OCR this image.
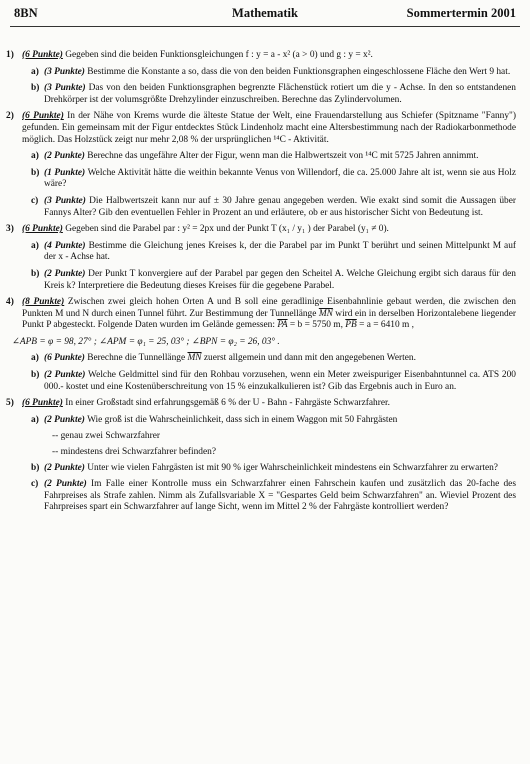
Mathematik
8BN	Sommertermin 2001
1) (6 Punkte) Gegeben sind die beiden Funktionsgleichungen f : y = a - x² (a > 0) und g : y = x².
a) (3 Punkte) Bestimme die Konstante a so, dass die von den beiden Funktionsgraphen eingeschlossene Fläche den Wert 9 hat.
b) (3 Punkte) Das von den beiden Funktionsgraphen begrenzte Flächenstück rotiert um die y - Achse. In den so entstandenen Drehkörper ist der volumsgrößte Drehzylinder einzuschreiben. Berechne das Zylindervolumen.
2) (6 Punkte) In der Nähe von Krems wurde die älteste Statue der Welt, eine Frauendarstellung aus Schiefer (Spitzname "Fanny") gefunden. Ein gemeinsam mit der Figur entdecktes Stück Lindenholz macht eine Altersbestimmung nach der Radiokarbonmethode möglich. Das Holzstück zeigt nur mehr 2,08 % der ursprünglichen ¹⁴C - Aktivität.
a) (2 Punkte) Berechne das ungefähre Alter der Figur, wenn man die Halbwertszeit von ¹⁴C mit 5725 Jahren annimmt.
b) (1 Punkte) Welche Aktivität hätte die weithin bekannte Venus von Willendorf, die ca. 25.000 Jahre alt ist, wenn sie aus Holz wäre?
c) (3 Punkte) Die Halbwertszeit kann nur auf ± 30 Jahre genau angegeben werden. Wie exakt sind somit die Aussagen über Fannys Alter? Gib den eventuellen Fehler in Prozent an und erläutere, ob er aus historischer Sicht von Bedeutung ist.
3) (6 Punkte) Gegeben sind die Parabel par : y² = 2px und der Punkt T (x₁ / y₁ ) der Parabel (y₁ ≠ 0).
a) (4 Punkte) Bestimme die Gleichung jenes Kreises k, der die Parabel par im Punkt T berührt und seinen Mittelpunkt M auf der x - Achse hat.
b) (2 Punkte) Der Punkt T konvergiere auf der Parabel par gegen den Scheitel A. Welche Gleichung ergibt sich daraus für den Kreis k? Interpretiere die Bedeutung dieses Kreises für die gegebene Parabel.
4) (8 Punkte) Zwischen zwei gleich hohen Orten A und B soll eine geradlinige Eisenbahnlinie gebaut werden, die zwischen den Punkten M und N durch einen Tunnel führt. Zur Bestimmung der Tunnellänge $\overline{MN}$ wird ein in derselben Horizontalebene liegender Punkt P abgesteckt. Folgende Daten wurden im Gelände gemessen: $\overline{PA} = b = 5750$ m, $\overline{PB} = a = 6410$ m ,
∠APB = φ = 98, 27° ; ∠APM = φ₁ = 25, 03° ; ∠BPN = φ₂ = 26, 03° .
a) (6 Punkte) Berechne die Tunnellänge $\overline{MN}$ zuerst allgemein und dann mit den angegebenen Werten.
b) (2 Punkte) Welche Geldmittel sind für den Rohbau vorzusehen, wenn ein Meter zweispuriger Eisenbahntunnel ca. ATS 200 000.- kostet und eine Kostenüberschreitung von 15 % einzukalkulieren ist? Gib das Ergebnis auch in Euro an.
5) (6 Punkte) In einer Großstadt sind erfahrungsgemäß 6 % der U - Bahn - Fahrgäste Schwarzfahrer.
a) (2 Punkte) Wie groß ist die Wahrscheinlichkeit, dass sich in einem Waggon mit 50 Fahrgästen
-- genau zwei Schwarzfahrer
-- mindestens drei Schwarzfahrer befinden?
b) (2 Punkte) Unter wie vielen Fahrgästen ist mit 90 % iger Wahrscheinlichkeit mindestens ein Schwarzfahrer zu erwarten?
c) (2 Punkte) Im Falle einer Kontrolle muss ein Schwarzfahrer einen Fahrschein kaufen und zusätzlich das 20-fache des Fahrpreises als Strafe zahlen. Nimm als Zufallsvariable X = "Gespartes Geld beim Schwarzfahren" an. Wieviel Prozent des Fahrpreises spart ein Schwarzfahrer auf lange Sicht, wenn im Mittel 2 % der Fahrgäste kontrolliert werden?
